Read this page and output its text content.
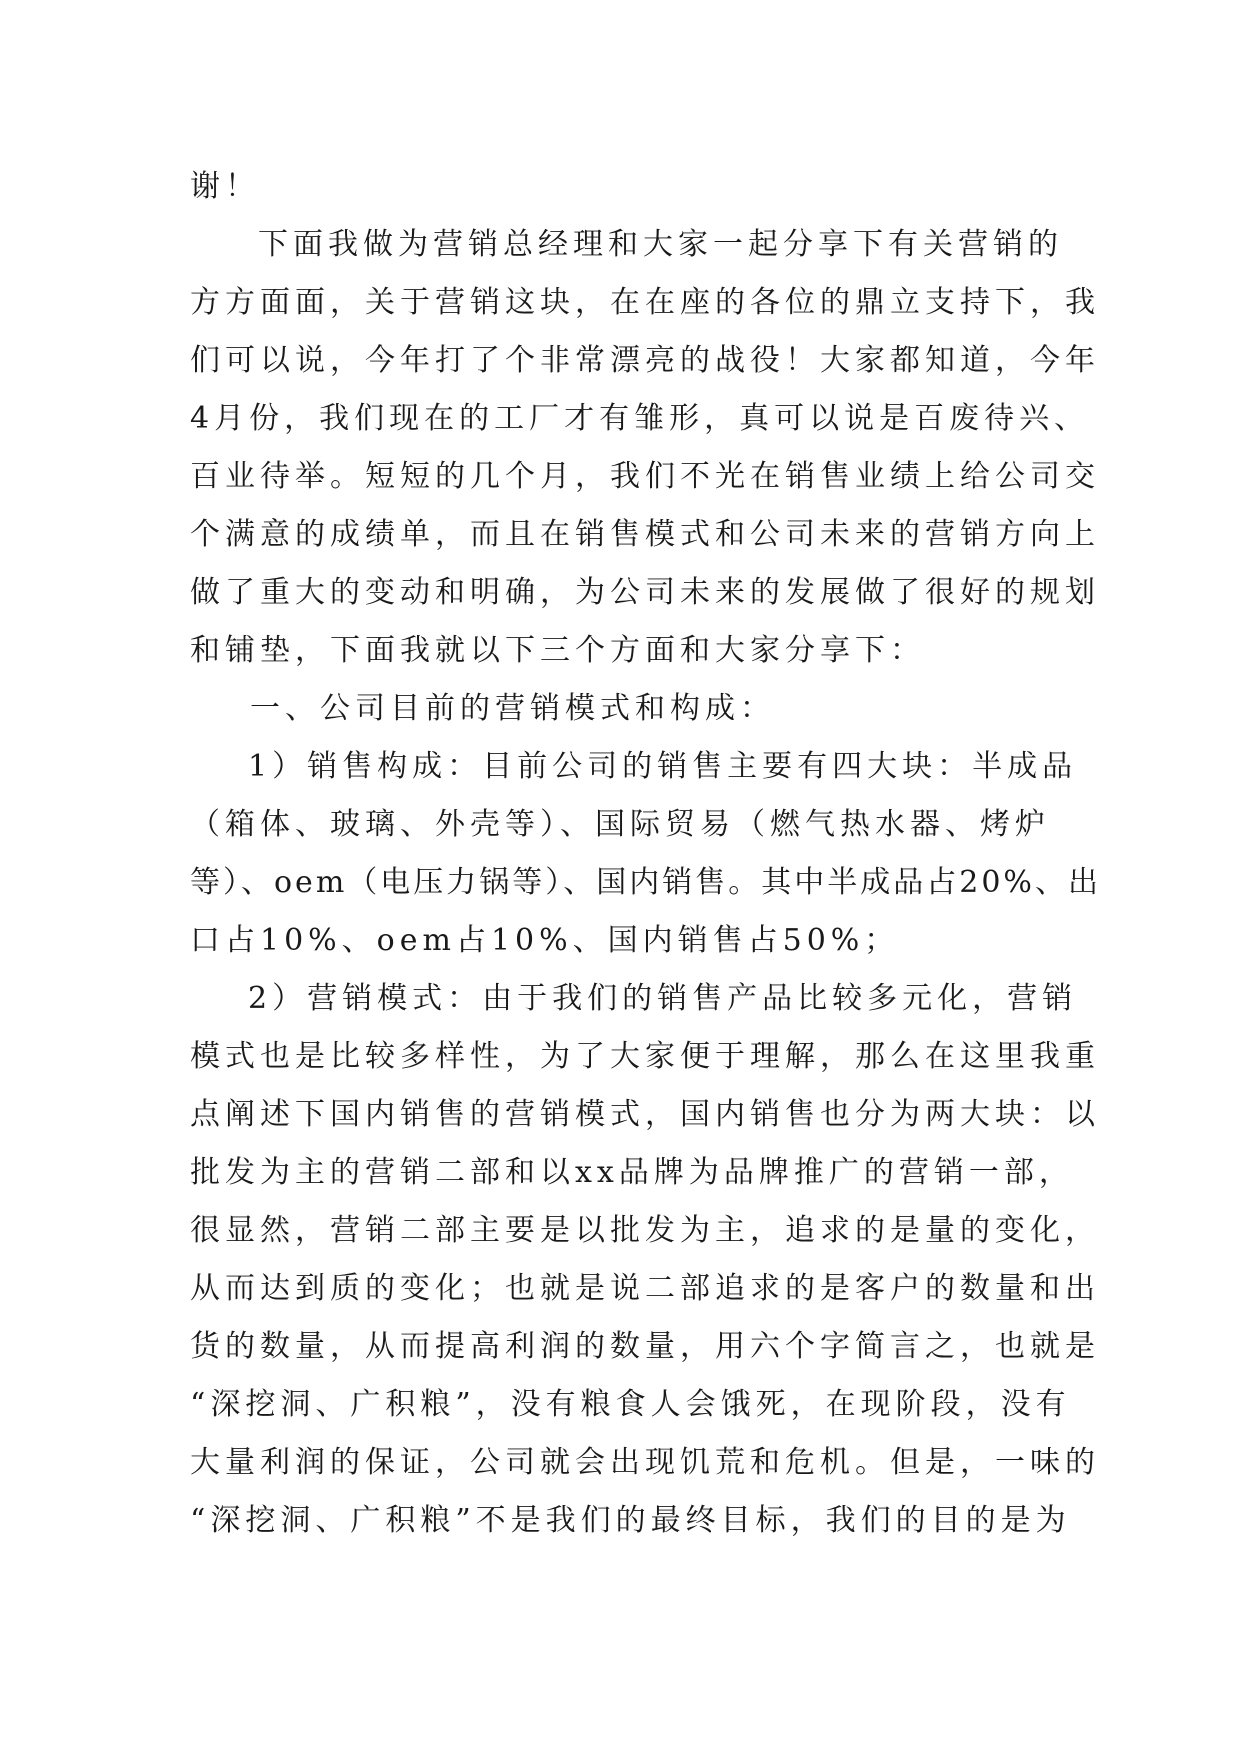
谢！
下面我做为营销总经理和大家一起分享下有关营销的
方方面面，关于营销这块，在在座的各位的鼎立支持下，我
们可以说，今年打了个非常漂亮的战役！大家都知道，今年
4月份，我们现在的工厂才有雏形，真可以说是百废待兴、
百业待举。短短的几个月，我们不光在销售业绩上给公司交
个满意的成绩单，而且在销售模式和公司未来的营销方向上
做了重大的变动和明确，为公司未来的发展做了很好的规划
和铺垫，下面我就以下三个方面和大家分享下：
一、公司目前的营销模式和构成：
1）销售构成：目前公司的销售主要有四大块：半成品
（箱体、玻璃、外壳等）、国际贸易（燃气热水器、烤炉
等）、oem（电压力锅等）、国内销售。其中半成品占20%、出
口占10%、oem占10%、国内销售占50%；
2）营销模式：由于我们的销售产品比较多元化，营销
模式也是比较多样性，为了大家便于理解，那么在这里我重
点阐述下国内销售的营销模式，国内销售也分为两大块：以
批发为主的营销二部和以xx品牌为品牌推广的营销一部，
很显然，营销二部主要是以批发为主，追求的是量的变化，
从而达到质的变化；也就是说二部追求的是客户的数量和出
货的数量，从而提高利润的数量，用六个字简言之，也就是
“深挖洞、广积粮”，没有粮食人会饿死，在现阶段，没有
大量利润的保证，公司就会出现饥荒和危机。但是，一味的
“深挖洞、广积粮”不是我们的最终目标，我们的目的是为
